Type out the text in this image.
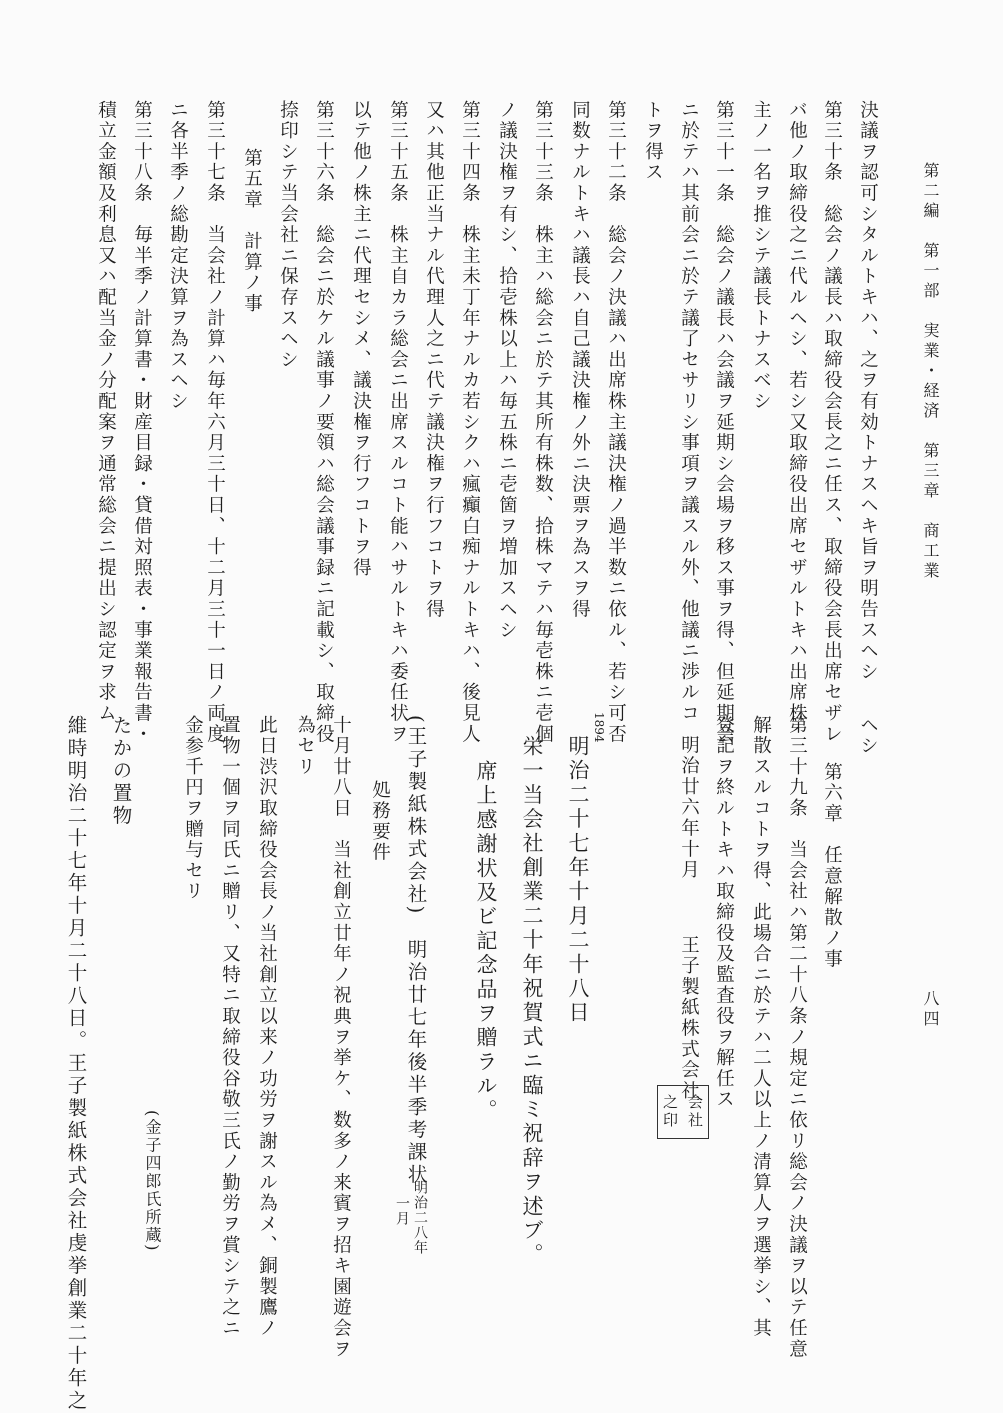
第二編　第一部　実業・経済　第三章　商工業
八四
決議ヲ認可シタルトキハ、之ヲ有効トナスヘキ旨ヲ明告スヘシ
第三十条　総会ノ議長ハ取締役会長之ニ任ス、取締役会長出席セザレ
バ他ノ取締役之ニ代ルヘシ、若シ又取締役出席セザルトキハ出席株
主ノ一名ヲ推シテ議長トナスベシ
第三十一条　総会ノ議長ハ会議ヲ延期シ会場ヲ移ス事ヲ得、但延期会
ニ於テハ其前会ニ於テ議了セサリシ事項ヲ議スル外、他議ニ渉ルコ
トヲ得ス
第三十二条　総会ノ決議ハ出席株主議決権ノ過半数ニ依ル、若シ可否
同数ナルトキハ議長ハ自己議決権ノ外ニ決票ヲ為スヲ得
第三十三条　株主ハ総会ニ於テ其所有株数、拾株マテハ毎壱株ニ壱個
ノ議決権ヲ有シ、拾壱株以上ハ毎五株ニ壱箇ヲ増加スヘシ
第三十四条　株主未丁年ナルカ若シクハ瘋癲白痴ナルトキハ、後見人
又ハ其他正当ナル代理人之ニ代テ議決権ヲ行フコトヲ得
第三十五条　株主自カラ総会ニ出席スルコト能ハサルトキハ委任状ヲ
以テ他ノ株主ニ代理セシメ、議決権ヲ行フコトヲ得
第三十六条　総会ニ於ケル議事ノ要領ハ総会議事録ニ記載シ、取締役
捺印シテ当会社ニ保存スヘシ
第五章　計算ノ事
第三十七条　当会社ノ計算ハ毎年六月三十日、十二月三十一日ノ両度
ニ各半季ノ総勘定決算ヲ為スヘシ
第三十八条　毎半季ノ計算書・財産目録・貸借対照表・事業報告書・
積立金額及利息又ハ配当金ノ分配案ヲ通常総会ニ提出シ認定ヲ求ム
ヘシ
第六章　任意解散ノ事
第三十九条　当会社ハ第二十八条ノ規定ニ依リ総会ノ決議ヲ以テ任意
解散スルコトヲ得、此場合ニ於テハ二人以上ノ清算人ヲ選挙シ、其
登記ヲ終ルトキハ取締役及監査役ヲ解任ス
明治廿六年十月
王子製紙株式会社
会社
之印
1894
明治二十七年十月二十八日
栄一当会社創業二十年祝賀式ニ臨ミ祝辞ヲ述ブ。
席上感謝状及ビ記念品ヲ贈ラル。
(王子製紙株式会社)　明治廿七年後半季考課状
明治二八年
一月
処務要件
十月廿八日　当社創立廿年ノ祝典ヲ挙ケ、数多ノ来賓ヲ招キ園遊会ヲ
為セリ
此日渋沢取締役会長ノ当社創立以来ノ功労ヲ謝スル為メ、銅製鷹ノ
置物一個ヲ同氏ニ贈リ、又特ニ取締役谷敬三氏ノ勤労ヲ賞シテ之ニ
金参千円ヲ贈与セリ
(金子四郎氏所蔵)
たかの置物
維時明治二十七年十月二十八日。王子製紙株式会社虔挙創業二十年之
